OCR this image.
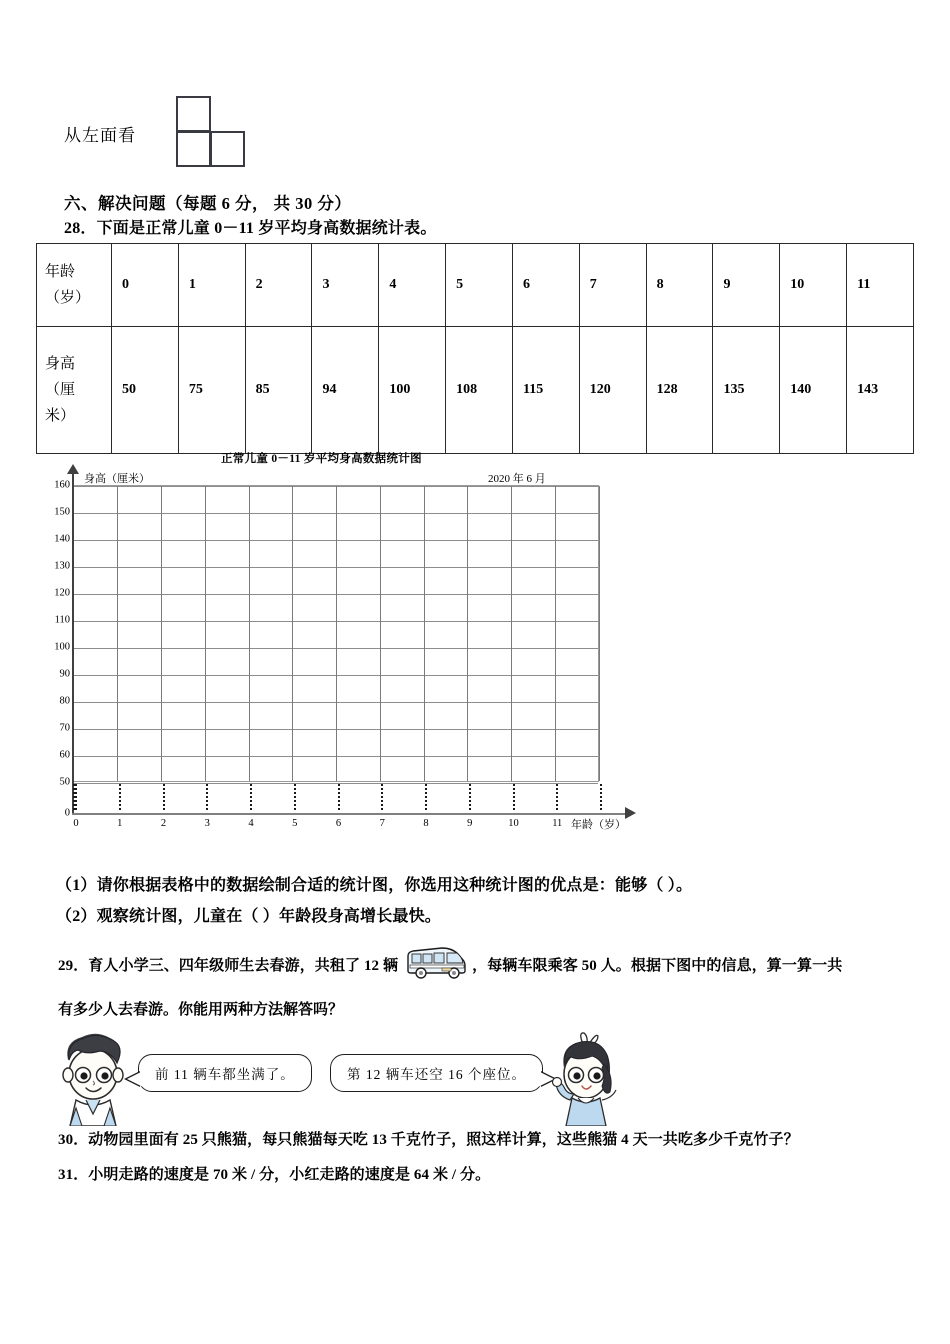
从左面看
六、解决问题（每题 6 分， 共 30 分）
28．下面是正常儿童 0－11 岁平均身高数据统计表。
年龄
（岁）	0	1	2	3	4	5	6	7	8	9	10	11

身高
（厘
米）	50	75	85	94	100	108	115	120	128	135	140	143
正常儿童 0－11 岁平均身高数据统计图
2020 年 6 月
身高（厘米）
年龄（岁）
50
60
70
80
90
100
110
120
130
140
150
160
0
0	1	2	3	4	5	6	7	8	9	10	11
（1）请你根据表格中的数据绘制合适的统计图，你选用这种统计图的优点是：能够（ ）。
（2）观察统计图，儿童在（ ）年龄段身高增长最快。
29．育人小学三、四年级师生去春游，共租了 12 辆	，每辆车限乘客 50 人。根据下图中的信息，算一算一共
有多少人去春游。你能用两种方法解答吗？
前 11 辆车都坐满了。	第 12 辆车还空 16 个座位。
30．动物园里面有 25 只熊猫，每只熊猫每天吃 13 千克竹子，照这样计算，这些熊猫 4 天一共吃多少千克竹子？
31．小明走路的速度是 70 米 / 分，小红走路的速度是 64 米 / 分。
